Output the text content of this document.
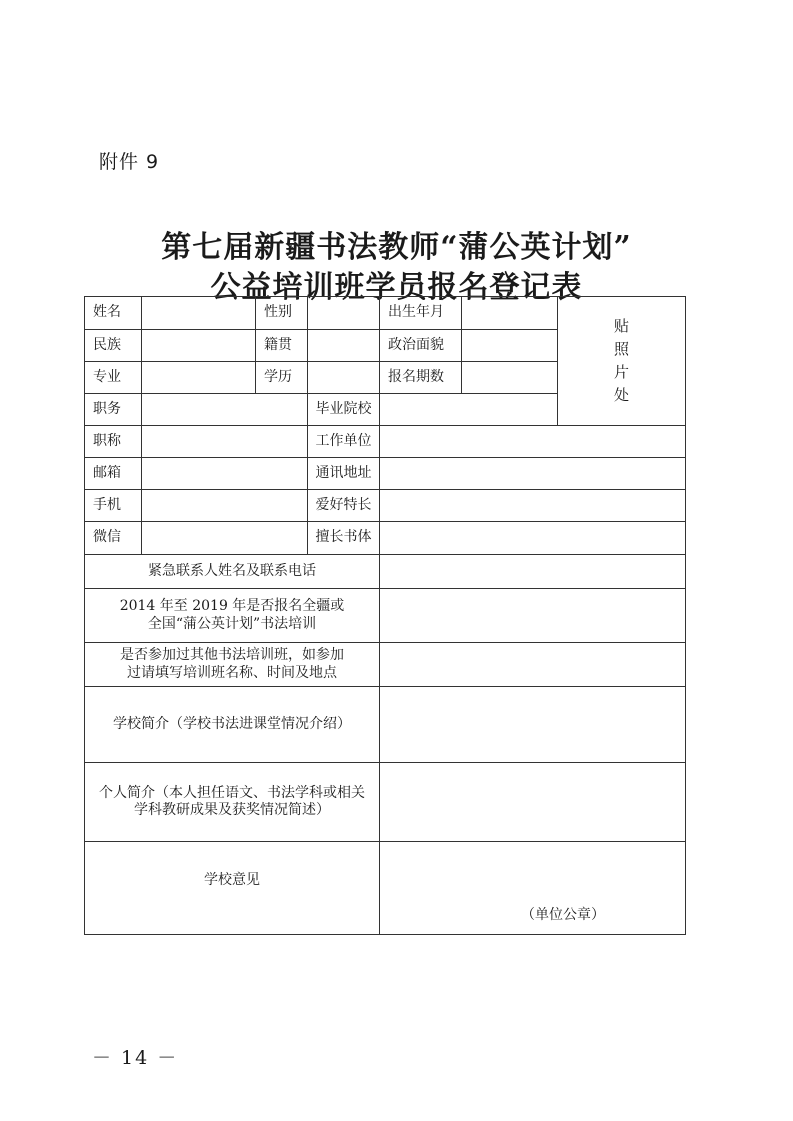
附件 9
第七届新疆书法教师“蒲公英计划”
公益培训班学员报名登记表
姓名		性别		出生年月		贴
照
片
处

民族		籍贯		政治面貌		
专业		学历		报名期数		
职务			毕业院校			
职称			工作单位			
邮箱			通讯地址			
手机			爱好特长			
微信			擅长书体			
紧急联系人姓名及联系电话						

2014 年至 2019 年是否报名全疆或
全国“蒲公英计划”书法培训						

是否参加过其他书法培训班，如参加
过请填写培训班名称、时间及地点						

学校简介（学校书法进课堂情况介绍）						

个人简介（本人担任语文、书法学科或相关
学科教研成果及获奖情况简述）						

学校意见				（单位公章）		
－ 14 －
